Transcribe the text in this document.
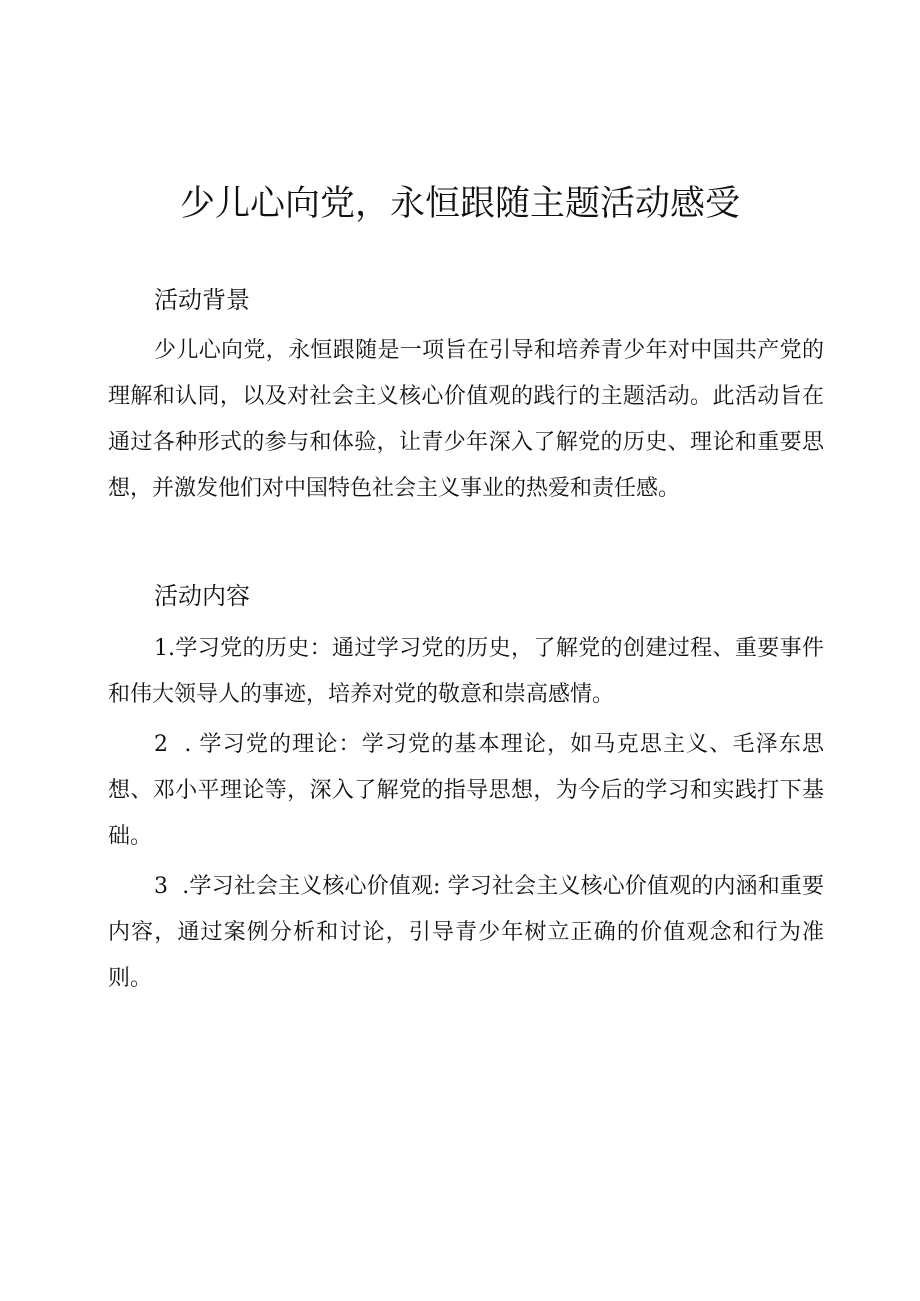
少儿心向党，永恒跟随主题活动感受
活动背景

少儿心向党，永恒跟随是一项旨在引导和培养青少年对中国共产党的理解和认同，以及对社会主义核心价值观的践行的主题活动。此活动旨在通过各种形式的参与和体验，让青少年深入了解党的历史、理论和重要思想，并激发他们对中国特色社会主义事业的热爱和责任感。

活动内容

1.学习党的历史：通过学习党的历史，了解党的创建过程、重要事件和伟大领导人的事迹，培养对党的敬意和崇高感情。

2  . 学习党的理论：学习党的基本理论，如马克思主义、毛泽东思想、邓小平理论等，深入了解党的指导思想，为今后的学习和实践打下基础。

3  .学习社会主义核心价值观: 学习社会主义核心价值观的内涵和重要内容，通过案例分析和讨论，引导青少年树立正确的价值观念和行为准则。
